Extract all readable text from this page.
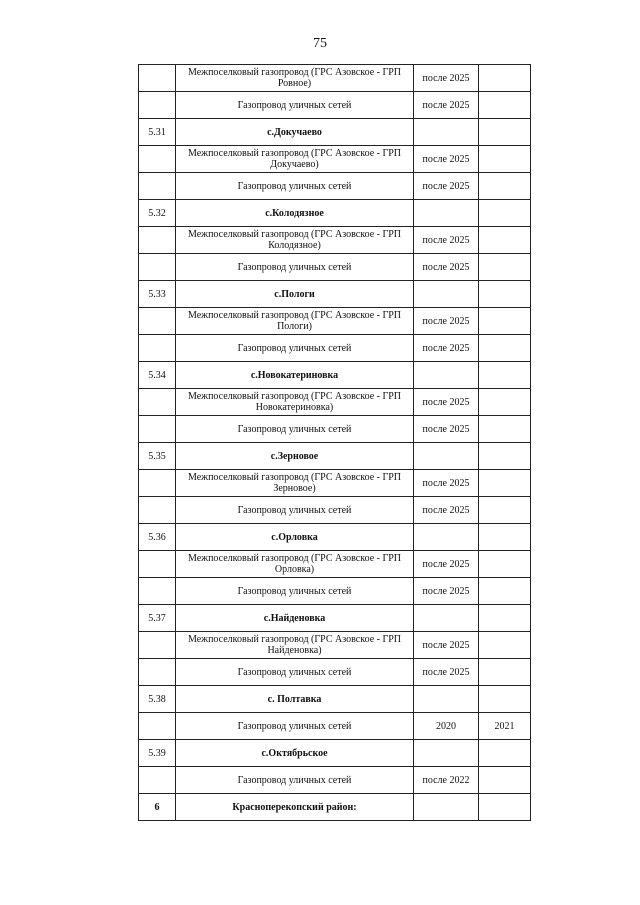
75
	Межпоселковый газопровод (ГРС Азовское - ГРП Ровное)	после 2025	
	Газопровод уличных сетей	после 2025	
5.31	с.Докучаево		
	Межпоселковый газопровод (ГРС Азовское - ГРП Докучаево)	после 2025	
	Газопровод уличных сетей	после 2025	
5.32	с.Колодязное		
	Межпоселковый газопровод (ГРС Азовское - ГРП Колодязное)	после 2025	
	Газопровод уличных сетей	после 2025	
5.33	с.Пологи		
	Межпоселковый газопровод (ГРС Азовское - ГРП Пологи)	после 2025	
	Газопровод уличных сетей	после 2025	
5.34	с.Новокатериновка		
	Межпоселковый газопровод (ГРС Азовское - ГРП Новокатериновка)	после 2025	
	Газопровод уличных сетей	после 2025	
5.35	с.Зерновое		
	Межпоселковый газопровод (ГРС Азовское - ГРП Зерновое)	после 2025	
	Газопровод уличных сетей	после 2025	
5.36	с.Орловка		
	Межпоселковый газопровод (ГРС Азовское - ГРП Орловка)	после 2025	
	Газопровод уличных сетей	после 2025	
5.37	с.Найденовка		
	Межпоселковый газопровод (ГРС Азовское - ГРП Найденовка)	после 2025	
	Газопровод уличных сетей	после 2025	
5.38	с. Полтавка		
	Газопровод уличных сетей	2020	2021
5.39	с.Октябрьское		
	Газопровод уличных сетей	после 2022	
6	Красноперекопский район:		
